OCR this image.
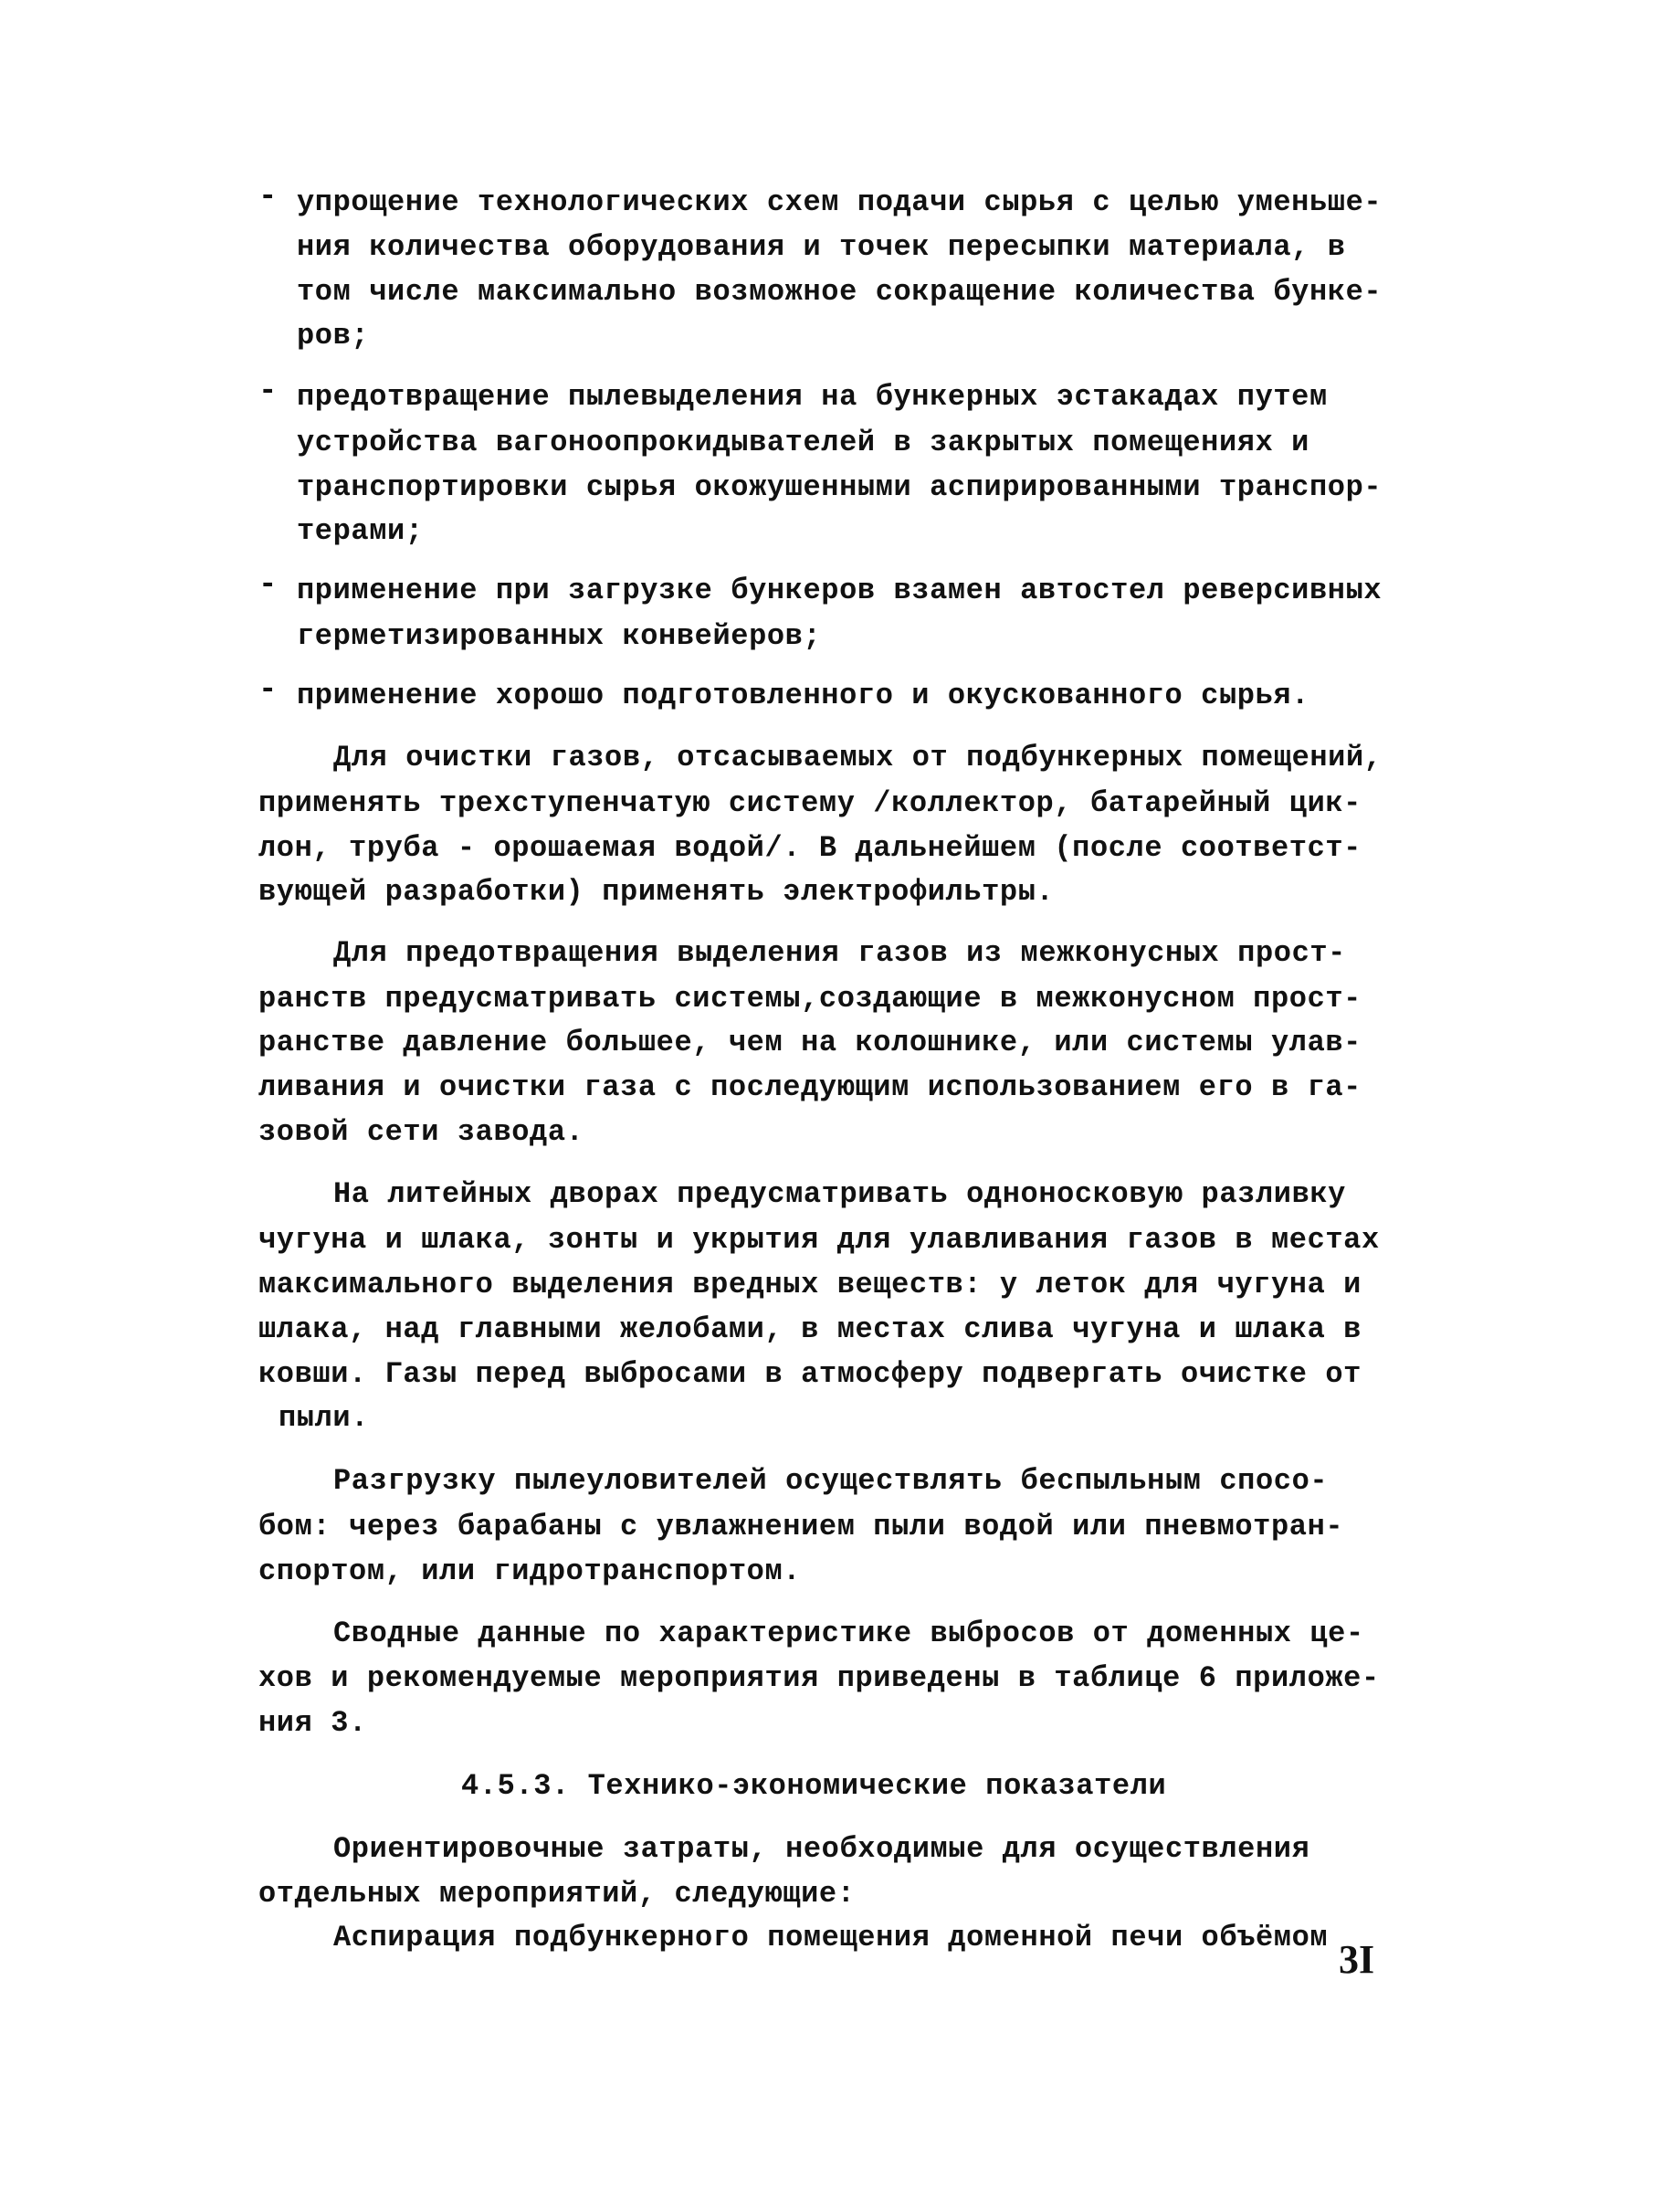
- упрощение технологических схем подачи сырья с целью уменьше-
ния количества оборудования и точек пересыпки материала, в
том числе максимально возможное сокращение количества бунке-
ров;
- предотвращение пылевыделения на бункерных эстакадах путем
устройства вагоноопрокидывателей в закрытых помещениях и
транспортировки сырья окожушенными аспирированными транспор-
терами;
- применение при загрузке бункеров взамен автостел реверсивных
герметизированных конвейеров;
- применение хорошо подготовленного и окускованного сырья.
Для очистки газов, отсасываемых от подбункерных помещений,
применять трехступенчатую систему /коллектор, батарейный цик-
лон, труба - орошаемая водой/. В дальнейшем (после соответст-
вующей разработки) применять электрофильтры.
Для предотвращения выделения газов из межконусных прост-
ранств предусматривать системы,создающие в межконусном прост-
ранстве давление большее, чем на колошнике, или системы улав-
ливания и очистки газа с последующим использованием его в га-
зовой сети завода.
На литейных дворах предусматривать одноносковую разливку
чугуна и шлака, зонты и укрытия для улавливания газов в местах
максимального выделения вредных веществ: у леток для чугуна и
шлака, над главными желобами, в местах слива чугуна и шлака в
ковши. Газы перед выбросами в атмосферу подвергать очистке от
пыли.
Разгрузку пылеуловителей осуществлять беспыльным спосо-
бом: через барабаны с увлажнением пыли водой или пневмотран-
спортом, или гидротранспортом.
Сводные данные по характеристике выбросов от доменных це-
хов и рекомендуемые мероприятия приведены в таблице 6 приложе-
ния 3.
4.5.3. Технико-экономические показатели
Ориентировочные затраты, необходимые для осуществления
отдельных мероприятий, следующие:
Аспирация подбункерного помещения доменной печи объёмом 3I
